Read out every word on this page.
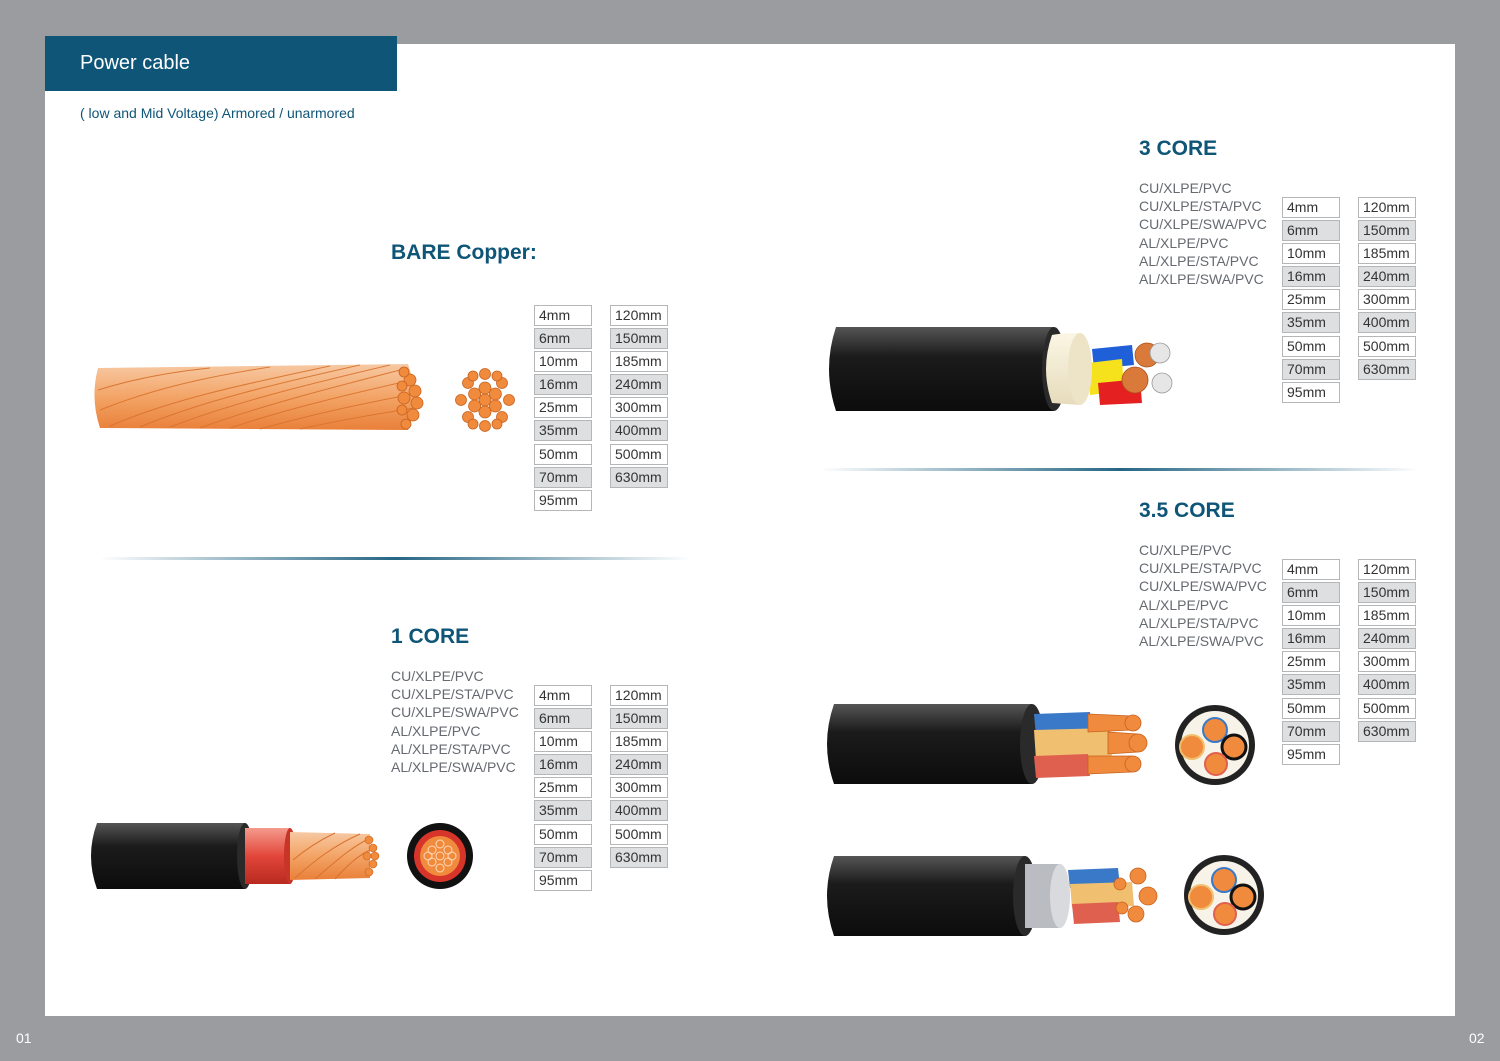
01	02
Power cable
( low and Mid Voltage) Armored / unarmored
BARE Copper:
4mm
6mm
10mm
16mm
25mm
35mm
50mm
70mm
95mm
120mm
150mm
185mm
240mm
300mm
400mm
500mm
630mm
1 CORE
CU/XLPE/PVC
CU/XLPE/STA/PVC
CU/XLPE/SWA/PVC
AL/XLPE/PVC
AL/XLPE/STA/PVC
AL/XLPE/SWA/PVC
4mm
6mm
10mm
16mm
25mm
35mm
50mm
70mm
95mm
120mm
150mm
185mm
240mm
300mm
400mm
500mm
630mm
3 CORE
CU/XLPE/PVC
CU/XLPE/STA/PVC
CU/XLPE/SWA/PVC
AL/XLPE/PVC
AL/XLPE/STA/PVC
AL/XLPE/SWA/PVC
4mm
6mm
10mm
16mm
25mm
35mm
50mm
70mm
95mm
120mm
150mm
185mm
240mm
300mm
400mm
500mm
630mm
3.5 CORE
CU/XLPE/PVC
CU/XLPE/STA/PVC
CU/XLPE/SWA/PVC
AL/XLPE/PVC
AL/XLPE/STA/PVC
AL/XLPE/SWA/PVC
4mm
6mm
10mm
16mm
25mm
35mm
50mm
70mm
95mm
120mm
150mm
185mm
240mm
300mm
400mm
500mm
630mm
